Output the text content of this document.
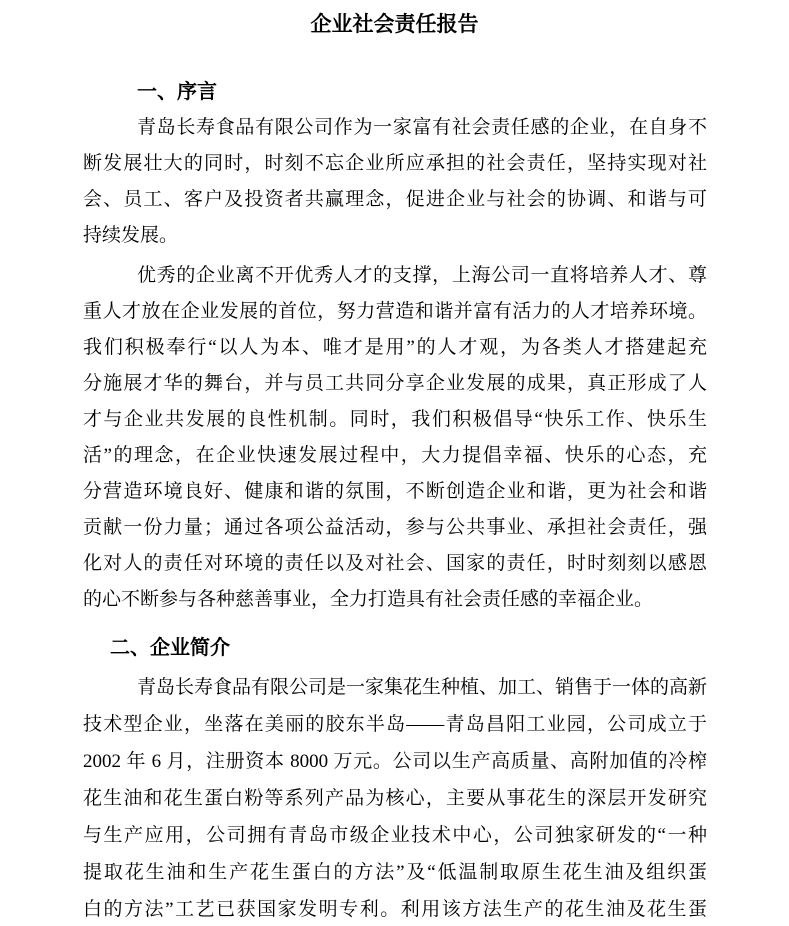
企业社会责任报告
一、序言
青岛长寿食品有限公司作为一家富有社会责任感的企业，在自身不
断发展壮大的同时，时刻不忘企业所应承担的社会责任，坚持实现对社
会、员工、客户及投资者共赢理念，促进企业与社会的协调、和谐与可
持续发展。
优秀的企业离不开优秀人才的支撑，上海公司一直将培养人才、尊
重人才放在企业发展的首位，努力营造和谐并富有活力的人才培养环境。
我们积极奉行“以人为本、唯才是用”的人才观，为各类人才搭建起充
分施展才华的舞台，并与员工共同分享企业发展的成果，真正形成了人
才与企业共发展的良性机制。同时，我们积极倡导“快乐工作、快乐生
活”的理念，在企业快速发展过程中，大力提倡幸福、快乐的心态，充
分营造环境良好、健康和谐的氛围，不断创造企业和谐，更为社会和谐
贡献一份力量；通过各项公益活动，参与公共事业、承担社会责任，强
化对人的责任对环境的责任以及对社会、国家的责任，时时刻刻以感恩
的心不断参与各种慈善事业，全力打造具有社会责任感的幸福企业。
二、企业简介
青岛长寿食品有限公司是一家集花生种植、加工、销售于一体的高新
技术型企业，坐落在美丽的胶东半岛——青岛昌阳工业园，公司成立于
2002 年 6 月，注册资本 8000 万元。公司以生产高质量、高附加值的冷榨
花生油和花生蛋白粉等系列产品为核心，主要从事花生的深层开发研究
与生产应用，公司拥有青岛市级企业技术中心，公司独家研发的“一种
提取花生油和生产花生蛋白的方法”及“低温制取原生花生油及组织蛋
白的方法”工艺已获国家发明专利。利用该方法生产的花生油及花生蛋
